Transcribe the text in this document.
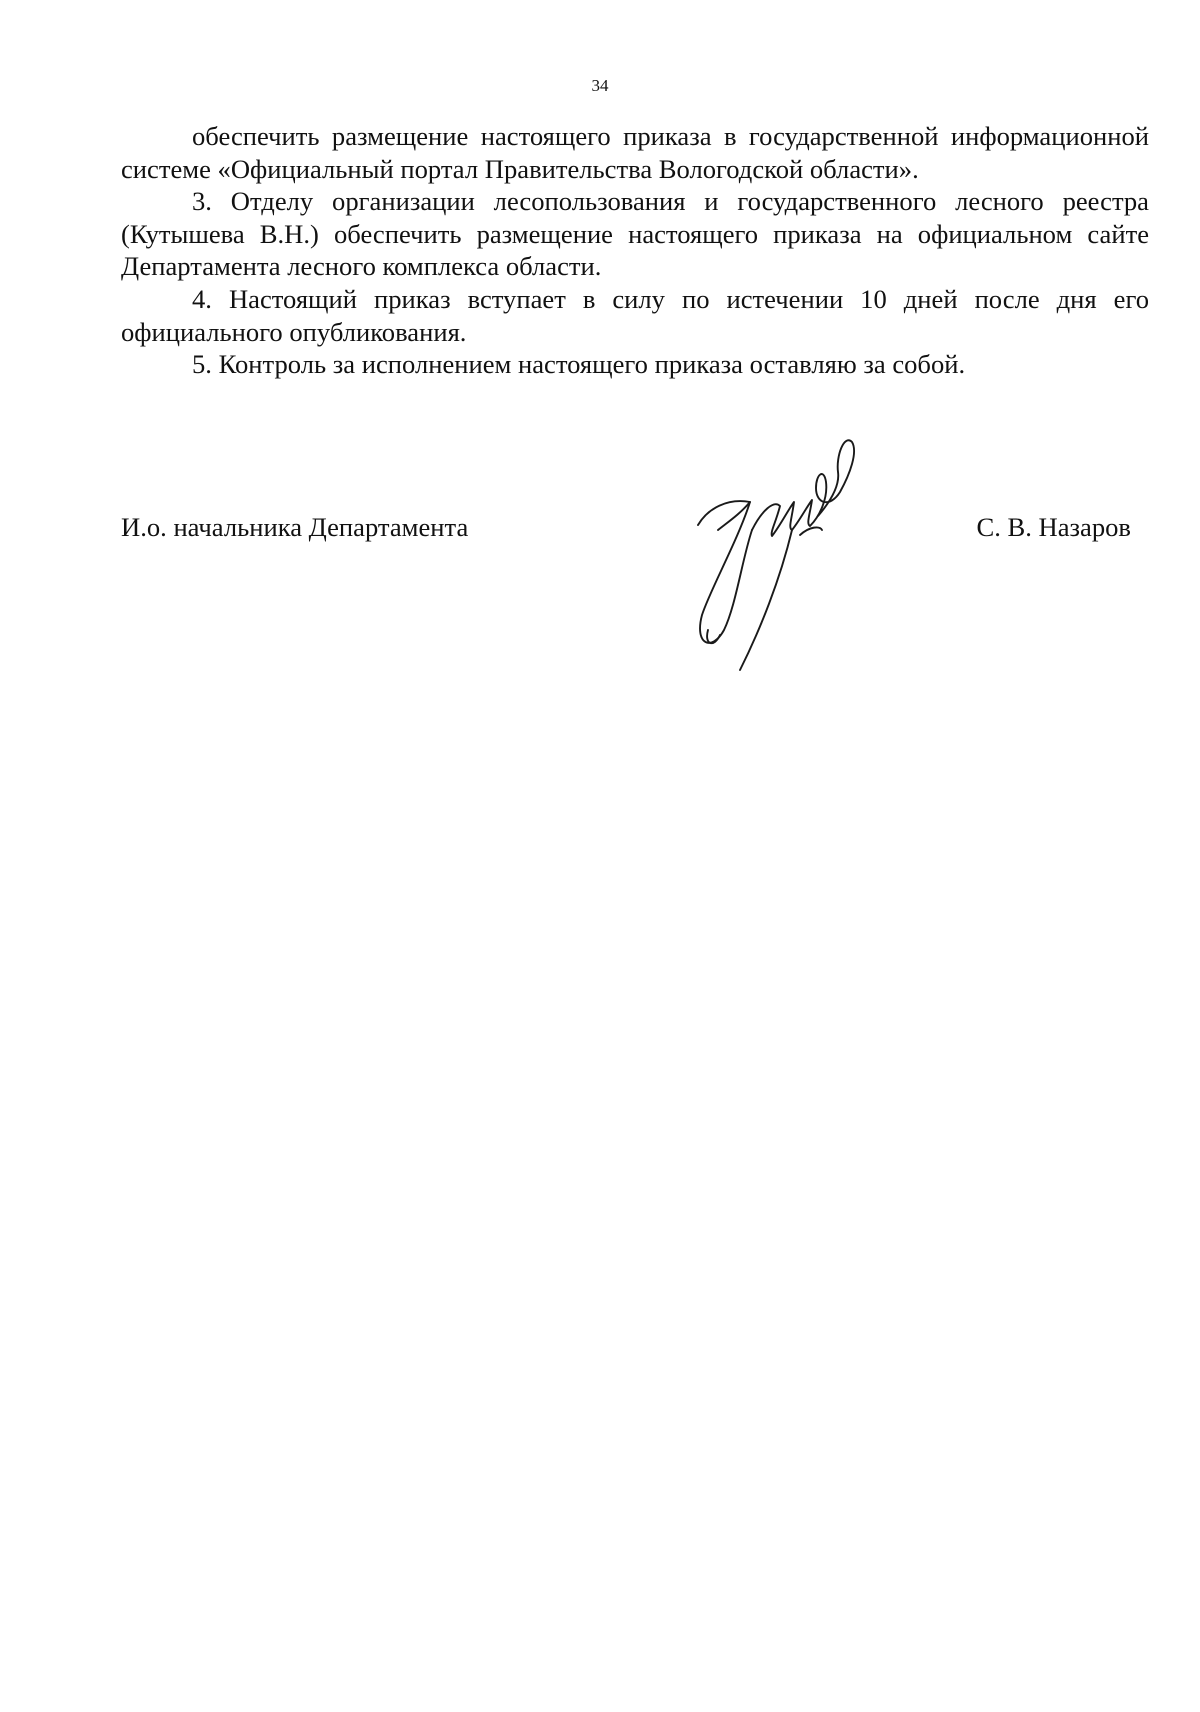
34

обеспечить размещение настоящего приказа в государственной информационной системе «Официальный портал Правительства Вологодской области».

3. Отделу организации лесопользования и государственного лесного реестра (Кутышева В.Н.) обеспечить размещение настоящего приказа на официальном сайте Департамента лесного комплекса области.

4. Настоящий приказ вступает в силу по истечении 10 дней после дня его официального опубликования.

5. Контроль за исполнением настоящего приказа оставляю за собой.

И.о. начальника Департамента	С. В. Назаров
